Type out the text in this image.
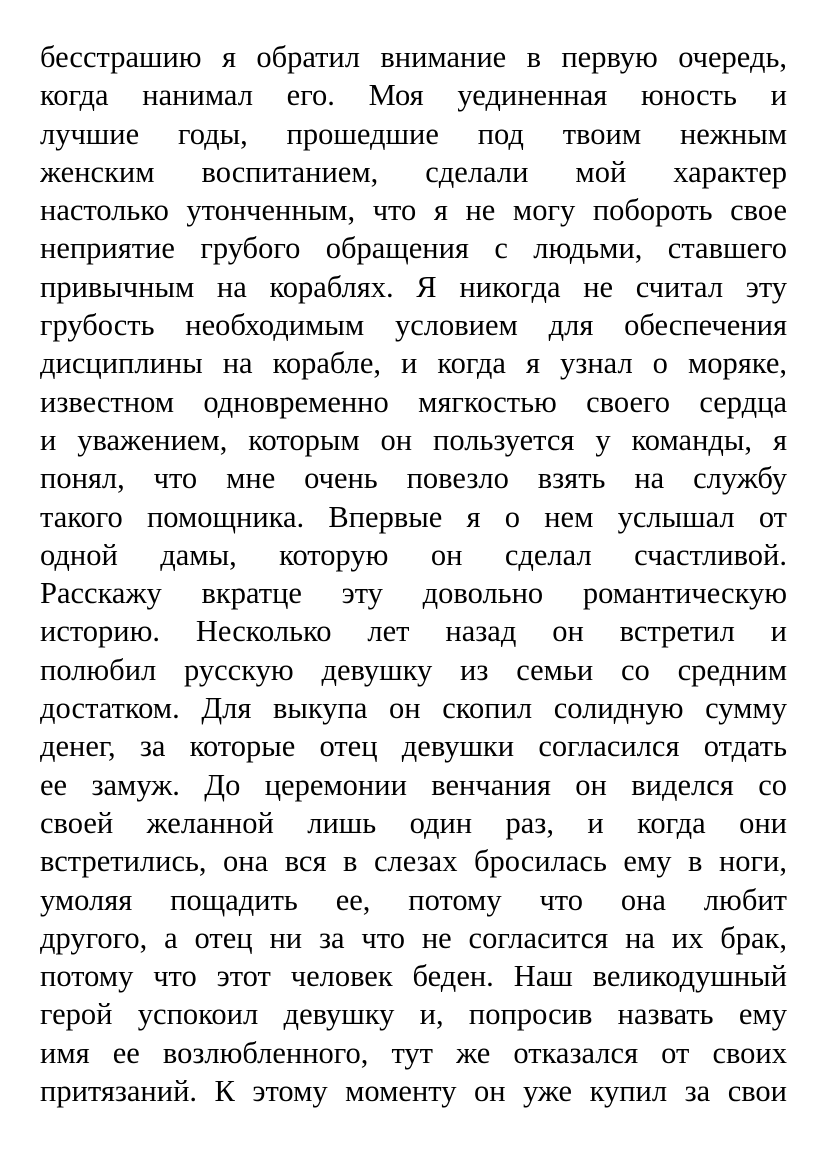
бесстрашию я обратил внимание в первую очередь,
когда нанимал его. Моя уединенная юность и
лучшие годы, прошедшие под твоим нежным
женским воспитанием, сделали мой характер
настолько утонченным, что я не могу побороть свое
неприятие грубого обращения с людьми, ставшего
привычным на кораблях. Я никогда не считал эту
грубость необходимым условием для обеспечения
дисциплины на корабле, и когда я узнал о моряке,
известном одновременно мягкостью своего сердца
и уважением, которым он пользуется у команды, я
понял, что мне очень повезло взять на службу
такого помощника. Впервые я о нем услышал от
одной дамы, которую он сделал счастливой.
Расскажу вкратце эту довольно романтическую
историю. Несколько лет назад он встретил и
полюбил русскую девушку из семьи со средним
достатком. Для выкупа он скопил солидную сумму
денег, за которые отец девушки согласился отдать
ее замуж. До церемонии венчания он виделся со
своей желанной лишь один раз, и когда они
встретились, она вся в слезах бросилась ему в ноги,
умоляя пощадить ее, потому что она любит
другого, а отец ни за что не согласится на их брак,
потому что этот человек беден. Наш великодушный
герой успокоил девушку и, попросив назвать ему
имя ее возлюбленного, тут же отказался от своих
притязаний. К этому моменту он уже купил за свои
